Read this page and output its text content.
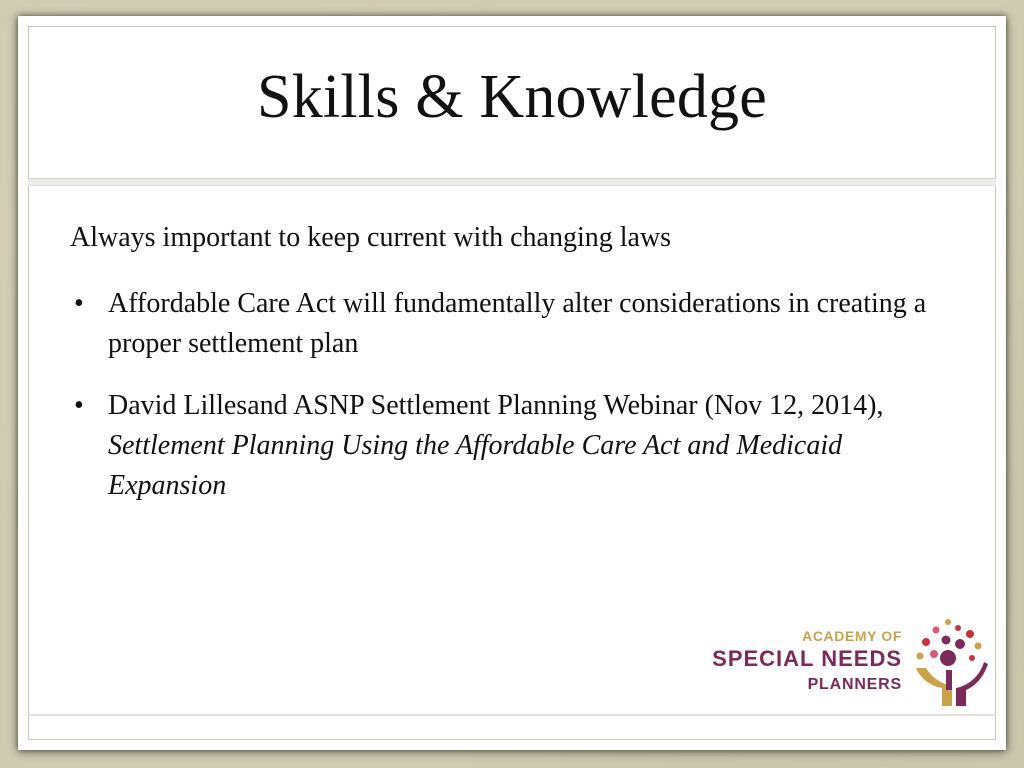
Skills & Knowledge

Always important to keep current with changing laws

• Affordable Care Act will fundamentally alter considerations in creating a proper settlement plan
• David Lillesand ASNP Settlement Planning Webinar (Nov 12, 2014), Settlement Planning Using the Affordable Care Act and Medicaid Expansion
ACADEMY OF
SPECIAL NEEDS
PLANNERS
